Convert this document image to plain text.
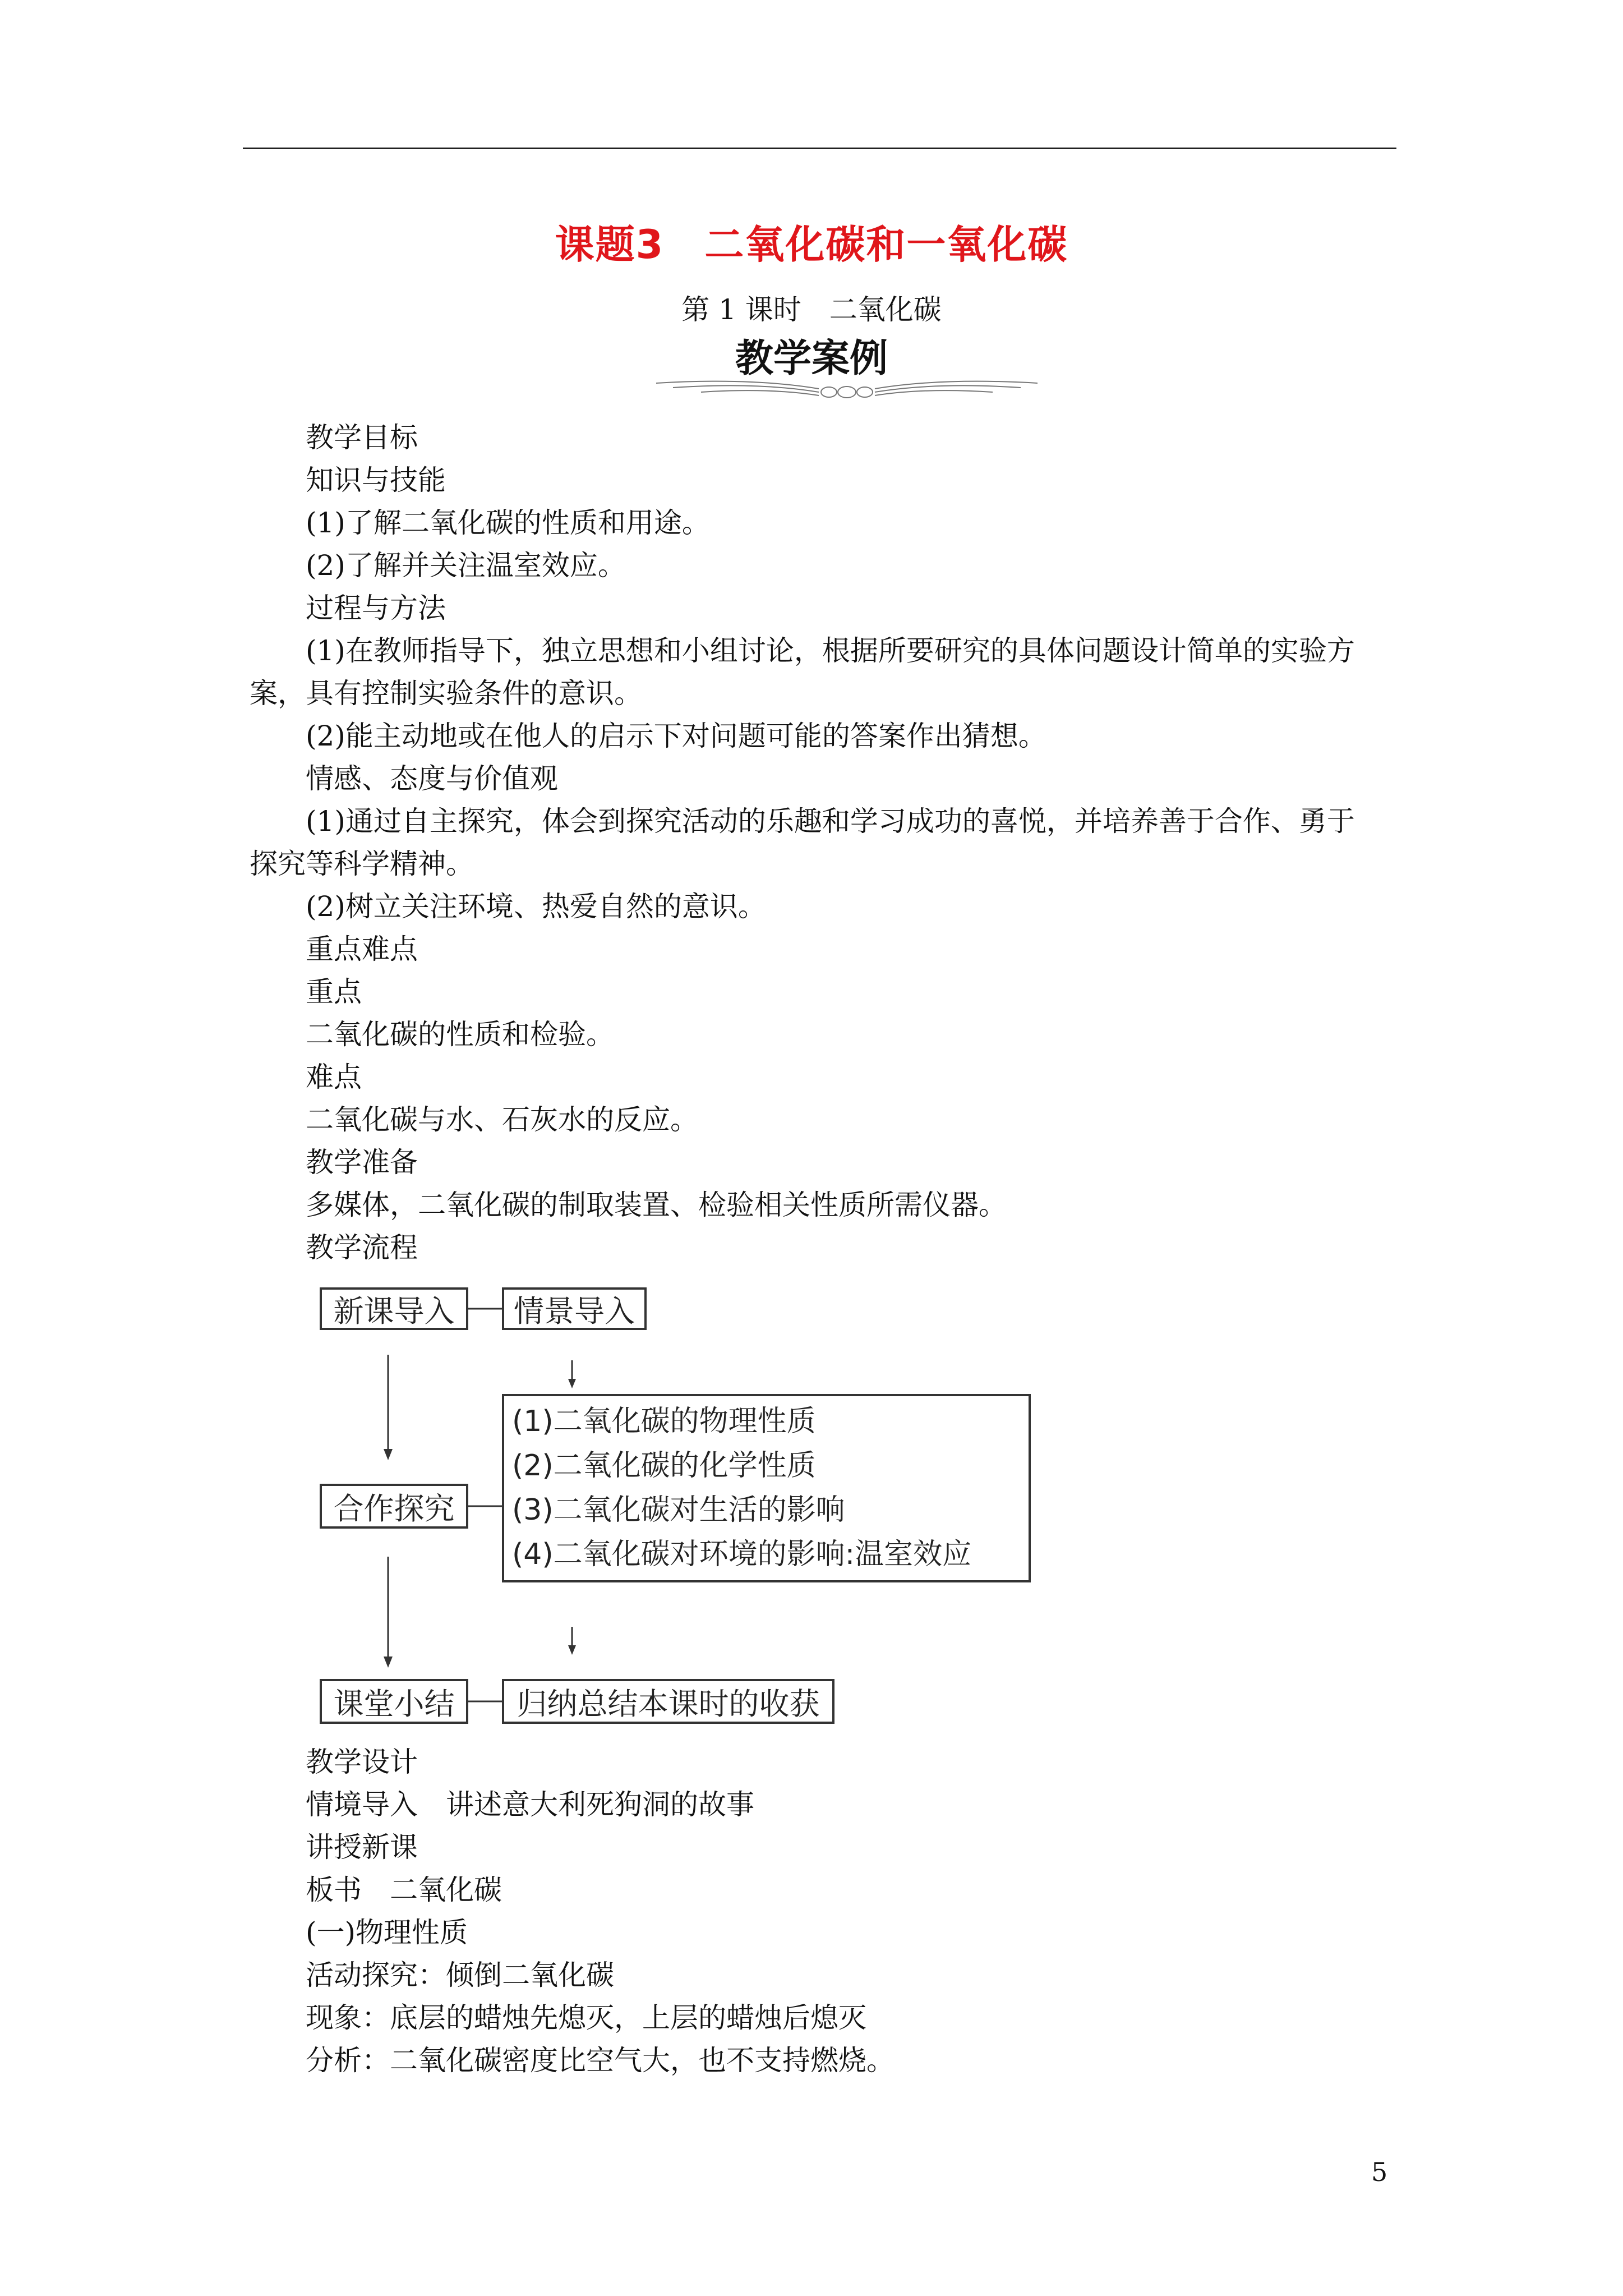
课题3　二氧化碳和一氧化碳
第 1 课时　二氧化碳
教学案例
教学目标
知识与技能
(1)了解二氧化碳的性质和用途。
(2)了解并关注温室效应。
过程与方法
(1)在教师指导下，独立思想和小组讨论，根据所要研究的具体问题设计简单的实验方
案，具有控制实验条件的意识。
(2)能主动地或在他人的启示下对问题可能的答案作出猜想。
情感、态度与价值观
(1)通过自主探究，体会到探究活动的乐趣和学习成功的喜悦，并培养善于合作、勇于
探究等科学精神。
(2)树立关注环境、热爱自然的意识。
重点难点
重点
二氧化碳的性质和检验。
难点
二氧化碳与水、石灰水的反应。
教学准备
多媒体，二氧化碳的制取装置、检验相关性质所需仪器。
教学流程
新课导入	情景导入
合作探究
(1)二氧化碳的物理性质
(2)二氧化碳的化学性质
(3)二氧化碳对生活的影响
(4)二氧化碳对环境的影响:温室效应
课堂小结	归纳总结本课时的收获
教学设计
情境导入　讲述意大利死狗洞的故事
讲授新课
板书　二氧化碳
(一)物理性质
活动探究：倾倒二氧化碳
现象：底层的蜡烛先熄灭，上层的蜡烛后熄灭
分析：二氧化碳密度比空气大，也不支持燃烧。
5
